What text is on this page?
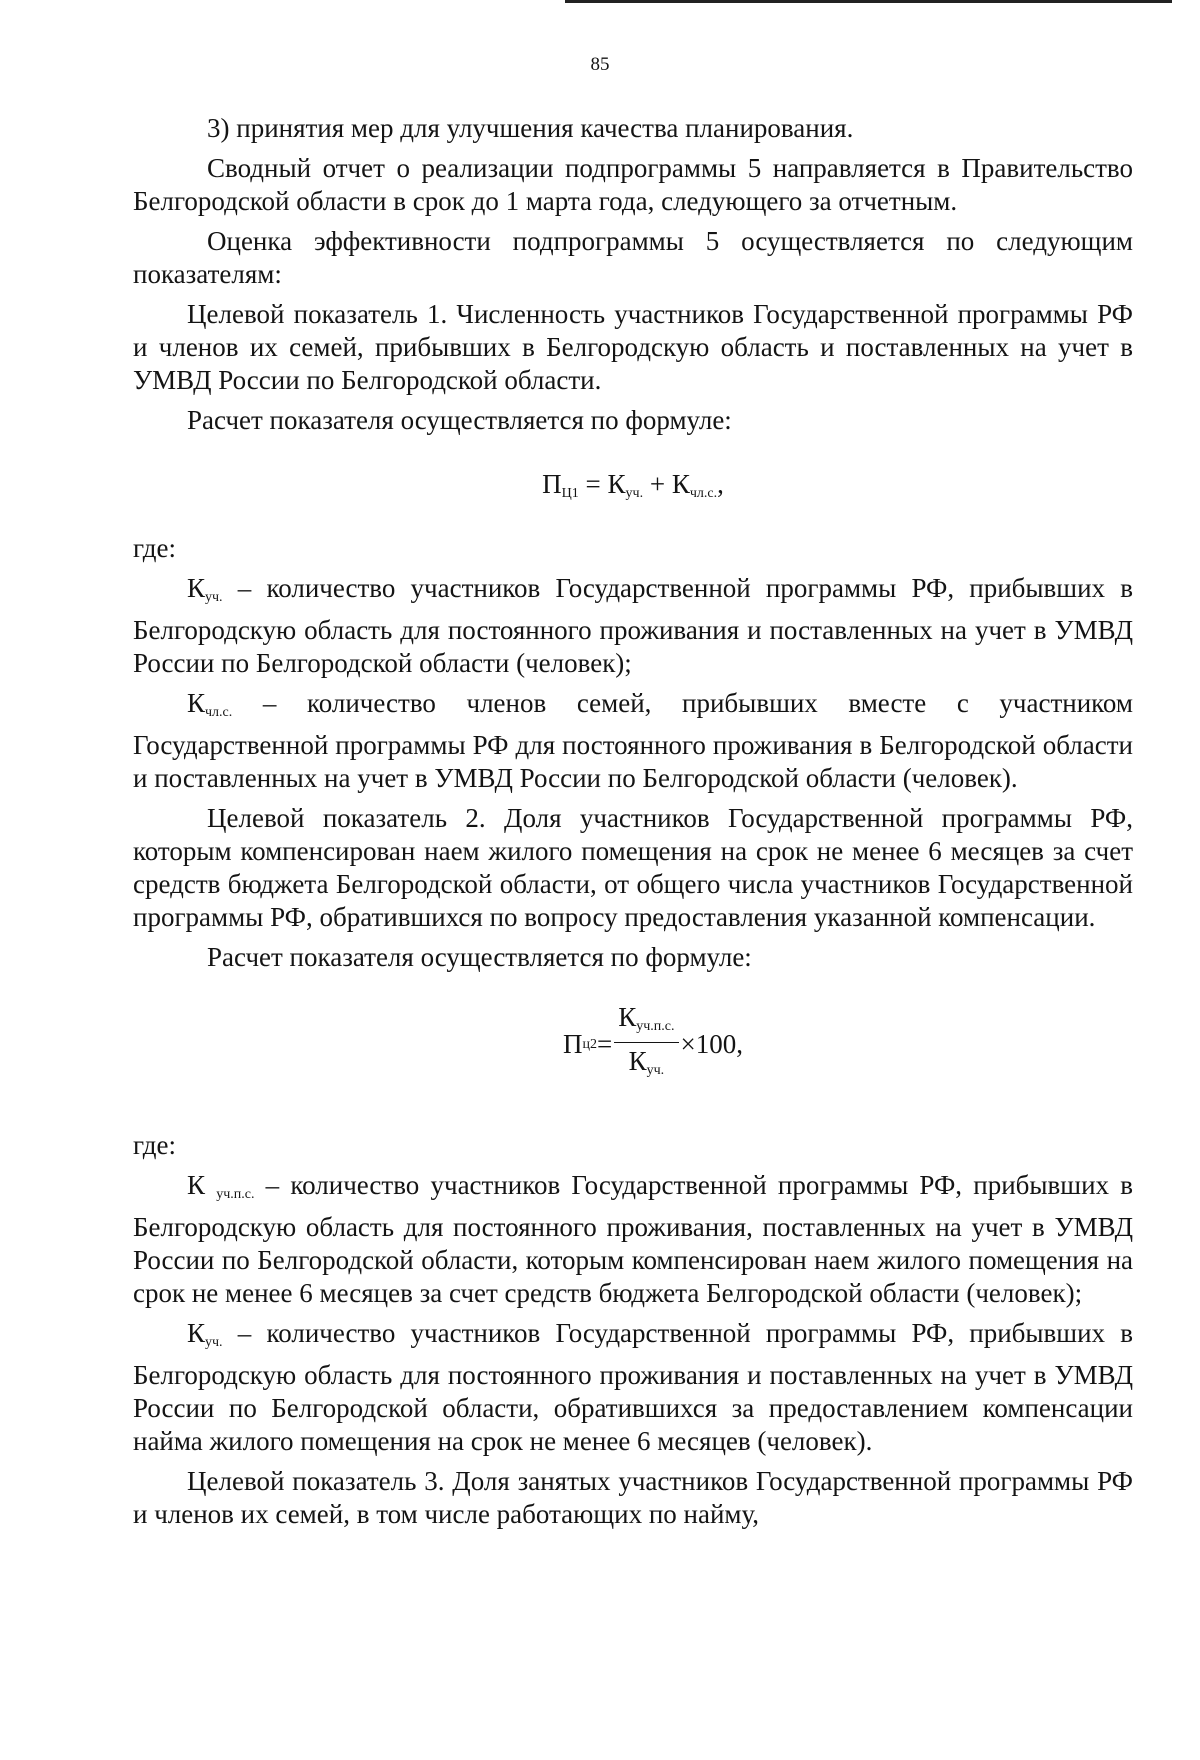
85

3) принятия мер для улучшения качества планирования.

Сводный отчет о реализации подпрограммы 5 направляется в Правительство Белгородской области в срок до 1 марта года, следующего за отчетным.

Оценка эффективности подпрограммы 5 осуществляется по следующим показателям:

Целевой показатель 1. Численность участников Государственной программы РФ и членов их семей, прибывших в Белгородскую область и поставленных на учет в УМВД России по Белгородской области.

Расчет показателя осуществляется по формуле:

$П_{Ц1} = К_{уч.} + К_{чл.с.}$,

где:

$К_{уч.}$ – количество участников Государственной программы РФ, прибывших в Белгородскую область для постоянного проживания и поставленных на учет в УМВД России по Белгородской области (человек);

$К_{чл.с.}$ – количество членов семей, прибывших вместе с участником Государственной программы РФ для постоянного проживания в Белгородской области и поставленных на учет в УМВД России по Белгородской области (человек).

Целевой показатель 2. Доля участников Государственной программы РФ, которым компенсирован наем жилого помещения на срок не менее 6 месяцев за счет средств бюджета Белгородской области, от общего числа участников Государственной программы РФ, обратившихся по вопросу предоставления указанной компенсации.

Расчет показателя осуществляется по формуле:

П $ц2 = \frac{К_{уч.п.с.}}{К_{уч.}} \times 100$,

где:

К $_{уч.п.с.}$ – количество участников Государственной программы РФ, прибывших в Белгородскую область для постоянного проживания, поставленных на учет в УМВД России по Белгородской области, которым компенсирован наем жилого помещения на срок не менее 6 месяцев за счет средств бюджета Белгородской области (человек);

$К_{уч.}$ – количество участников Государственной программы РФ, прибывших в Белгородскую область для постоянного проживания и поставленных на учет в УМВД России по Белгородской области, обратившихся за предоставлением компенсации найма жилого помещения на срок не менее 6 месяцев (человек).

Целевой показатель 3. Доля занятых участников Государственной программы РФ и членов их семей, в том числе работающих по найму,
